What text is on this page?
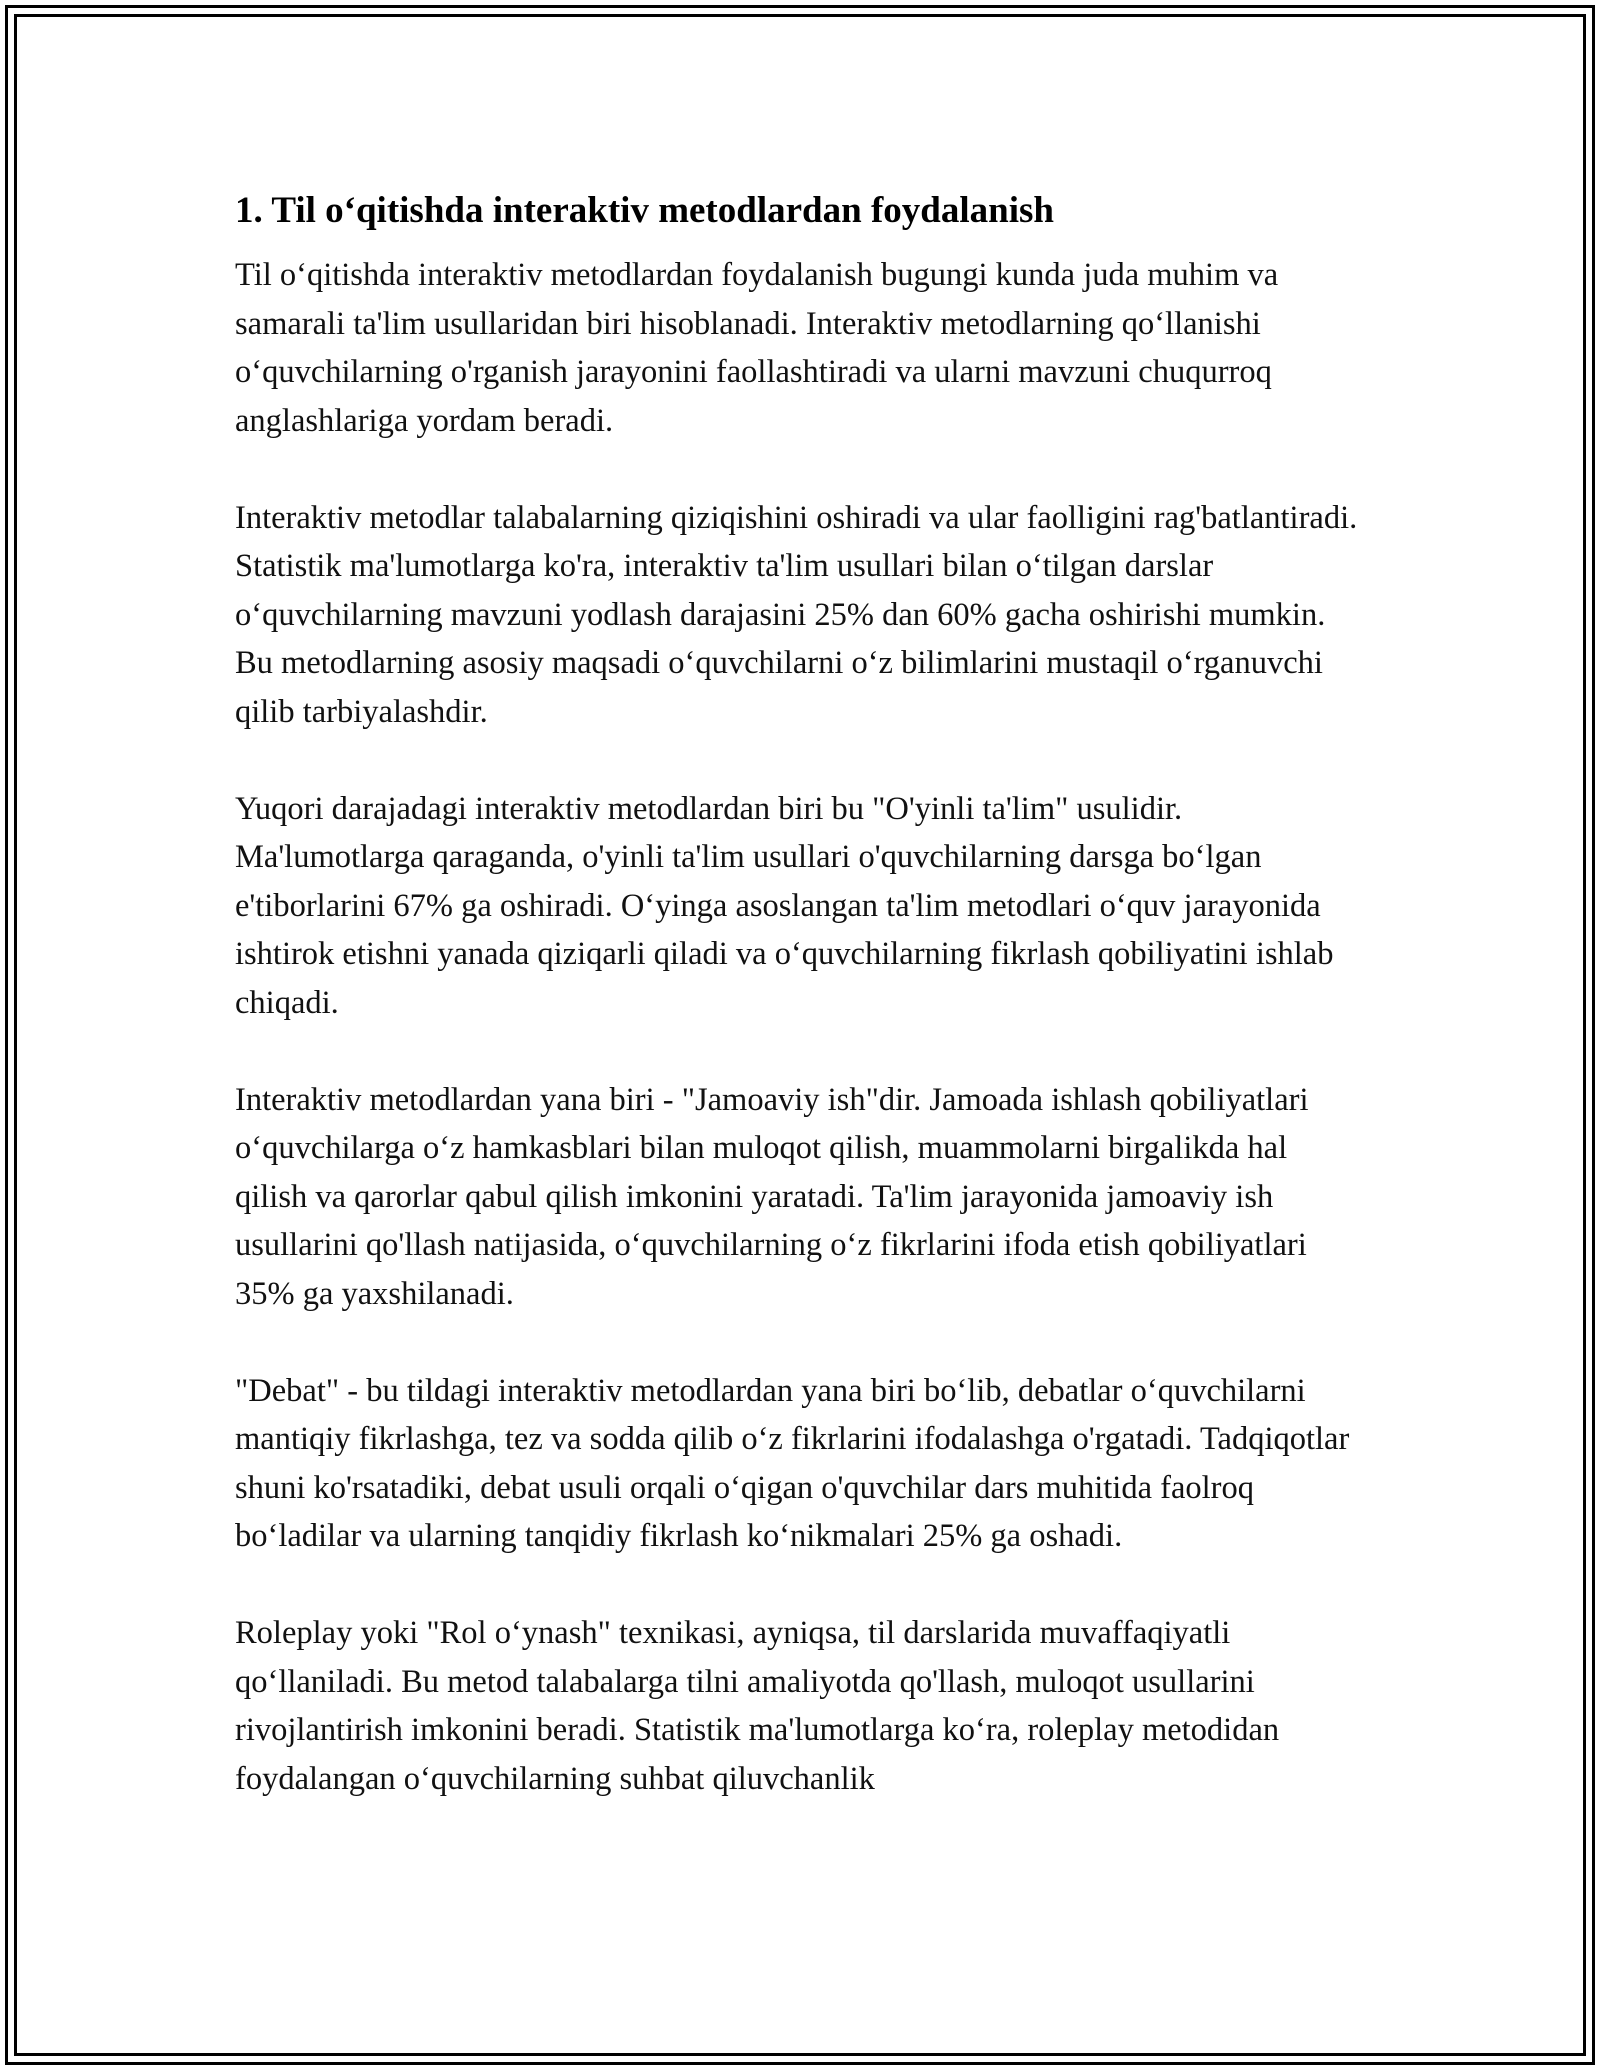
1. Til o‘qitishda interaktiv metodlardan foydalanish

Til o‘qitishda interaktiv metodlardan foydalanish bugungi kunda juda muhim va samarali ta'lim usullaridan biri hisoblanadi. Interaktiv metodlarning qo‘llanishi o‘quvchilarning o'rganish jarayonini faollashtiradi va ularni mavzuni chuqurroq anglashlariga yordam beradi.

Interaktiv metodlar talabalarning qiziqishini oshiradi va ular faolligini rag'batlantiradi. Statistik ma'lumotlarga ko'ra, interaktiv ta'lim usullari bilan o‘tilgan darslar o‘quvchilarning mavzuni yodlash darajasini 25% dan 60% gacha oshirishi mumkin. Bu metodlarning asosiy maqsadi o‘quvchilarni o‘z bilimlarini mustaqil o‘rganuvchi qilib tarbiyalashdir.

Yuqori darajadagi interaktiv metodlardan biri bu "O'yinli ta'lim" usulidir. Ma'lumotlarga qaraganda, o'yinli ta'lim usullari o'quvchilarning darsga bo‘lgan e'tiborlarini 67% ga oshiradi. O‘yinga asoslangan ta'lim metodlari o‘quv jarayonida ishtirok etishni yanada qiziqarli qiladi va o‘quvchilarning fikrlash qobiliyatini ishlab chiqadi.

Interaktiv metodlardan yana biri - "Jamoaviy ish"dir. Jamoada ishlash qobiliyatlari o‘quvchilarga o‘z hamkasblari bilan muloqot qilish, muammolarni birgalikda hal qilish va qarorlar qabul qilish imkonini yaratadi. Ta'lim jarayonida jamoaviy ish usullarini qo'llash natijasida, o‘quvchilarning o‘z fikrlarini ifoda etish qobiliyatlari 35% ga yaxshilanadi.

"Debat" - bu tildagi interaktiv metodlardan yana biri bo‘lib, debatlar o‘quvchilarni mantiqiy fikrlashga, tez va sodda qilib o‘z fikrlarini ifodalashga o'rgatadi. Tadqiqotlar shuni ko'rsatadiki, debat usuli orqali o‘qigan o'quvchilar dars muhitida faolroq bo‘ladilar va ularning tanqidiy fikrlash ko‘nikmalari 25% ga oshadi.

Roleplay yoki "Rol o‘ynash" texnikasi, ayniqsa, til darslarida muvaffaqiyatli qo‘llaniladi. Bu metod talabalarga tilni amaliyotda qo'llash, muloqot usullarini rivojlantirish imkonini beradi. Statistik ma'lumotlarga ko‘ra, roleplay metodidan foydalangan o‘quvchilarning suhbat qiluvchanlik
